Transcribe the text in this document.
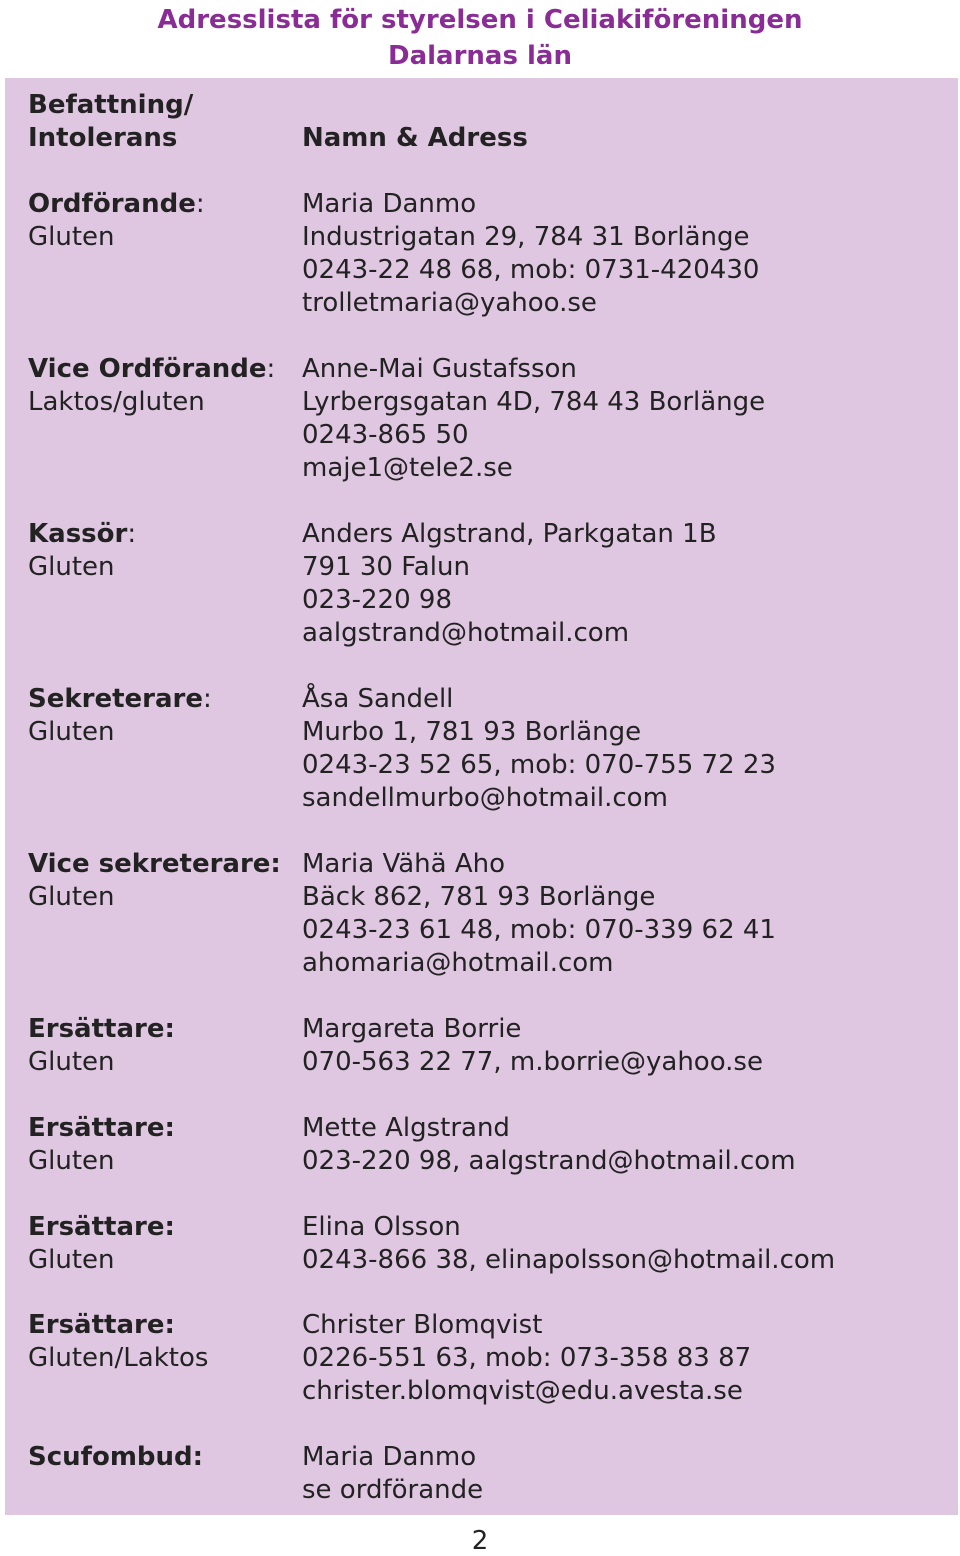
Adresslista för styrelsen i Celiakiföreningen
Dalarnas län
Befattning/
Intolerans	Namn & Adress
Ordförande:
Gluten
Maria Danmo
Industrigatan 29, 784 31 Borlänge
0243-22 48 68, mob: 0731-420430
trolletmaria@yahoo.se
Vice Ordförande:
Laktos/gluten
Anne-Mai Gustafsson
Lyrbergsgatan 4D, 784 43 Borlänge
0243-865 50
maje1@tele2.se
Kassör:
Gluten
Anders Algstrand, Parkgatan 1B
791 30 Falun
023-220 98
aalgstrand@hotmail.com
Sekreterare:
Gluten
Åsa Sandell
Murbo 1, 781 93 Borlänge
0243-23 52 65, mob: 070-755 72 23
sandellmurbo@hotmail.com
Vice sekreterare:
Gluten
Maria Vähä Aho
Bäck 862, 781 93 Borlänge
0243-23 61 48, mob: 070-339 62 41
ahomaria@hotmail.com
Ersättare:
Gluten
Margareta Borrie
070-563 22 77, m.borrie@yahoo.se
Ersättare:
Gluten
Mette Algstrand
023-220 98, aalgstrand@hotmail.com
Ersättare:
Gluten
Elina Olsson
0243-866 38, elinapolsson@hotmail.com
Ersättare:
Gluten/Laktos
Christer Blomqvist
0226-551 63, mob: 073-358 83 87
christer.blomqvist@edu.avesta.se
Scufombud:	Maria Danmo
se ordförande
2
